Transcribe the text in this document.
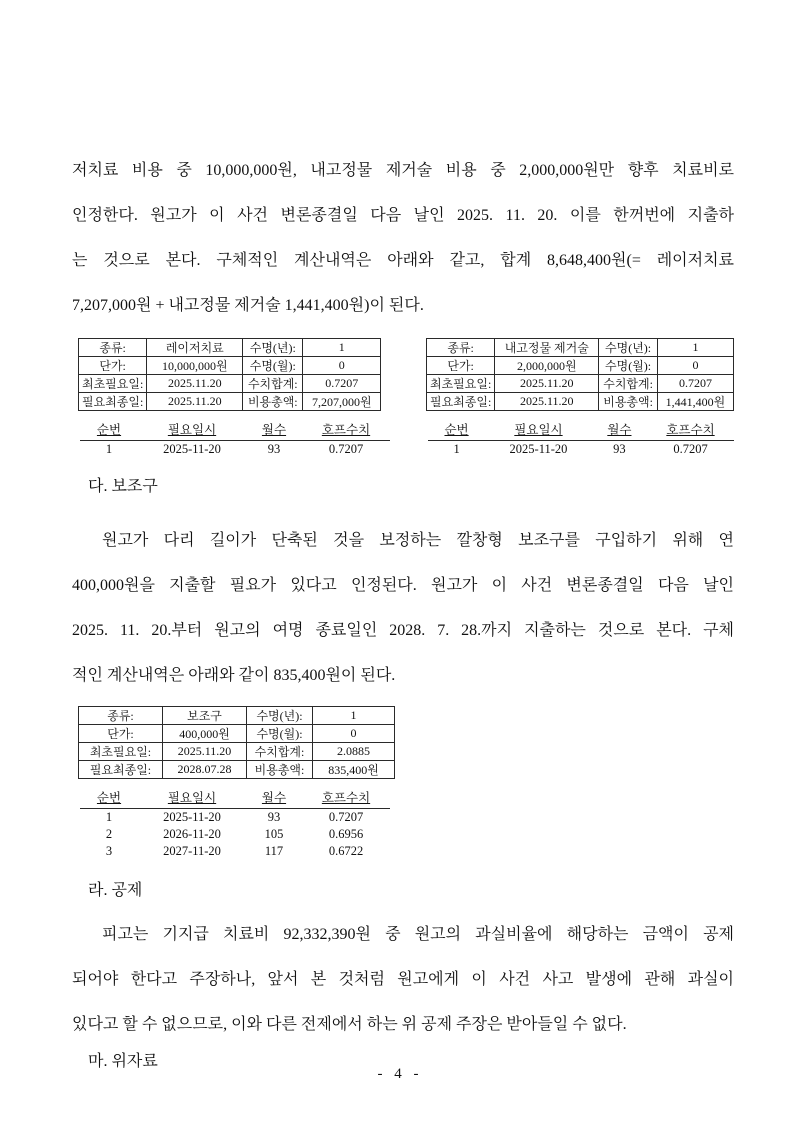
저치료 비용 중 10,000,000원, 내고정물 제거술 비용 중 2,000,000원만 향후 치료비로
인정한다. 원고가 이 사건 변론종결일 다음 날인 2025. 11. 20. 이를 한꺼번에 지출하
는 것으로 본다. 구체적인 계산내역은 아래와 같고, 합계 8,648,400원(= 레이저치료
7,207,000원 + 내고정물 제거술 1,441,400원)이 된다.
종류:	레이저치료	수명(년):	1
단가:	10,000,000원	수명(월):	0
최초필요일:	2025.11.20	수치합계:	0.7207
필요최종일:	2025.11.20	비용총액:	7,207,000원
순번	필요일시	월수	호프수치
1	2025-11-20	93	0.7207
종류:	내고정물 제거술	수명(년):	1
단가:	2,000,000원	수명(월):	0
최초필요일:	2025.11.20	수치합계:	0.7207
필요최종일:	2025.11.20	비용총액:	1,441,400원
순번	필요일시	월수	호프수치
1	2025-11-20	93	0.7207
다. 보조구
원고가 다리 길이가 단축된 것을 보정하는 깔창형 보조구를 구입하기 위해 연
400,000원을 지출할 필요가 있다고 인정된다. 원고가 이 사건 변론종결일 다음 날인
2025. 11. 20.부터 원고의 여명 종료일인 2028. 7. 28.까지 지출하는 것으로 본다. 구체
적인 계산내역은 아래와 같이 835,400원이 된다.
종류:	보조구	수명(년):	1
단가:	400,000원	수명(월):	0
최초필요일:	2025.11.20	수치합계:	2.0885
필요최종일:	2028.07.28	비용총액:	835,400원
순번	필요일시	월수	호프수치
1	2025-11-20	93	0.7207
2	2026-11-20	105	0.6956
3	2027-11-20	117	0.6722
라. 공제
피고는 기지급 치료비 92,332,390원 중 원고의 과실비율에 해당하는 금액이 공제
되어야 한다고 주장하나, 앞서 본 것처럼 원고에게 이 사건 사고 발생에 관해 과실이
있다고 할 수 없으므로, 이와 다른 전제에서 하는 위 공제 주장은 받아들일 수 없다.
마. 위자료
- 4 -
